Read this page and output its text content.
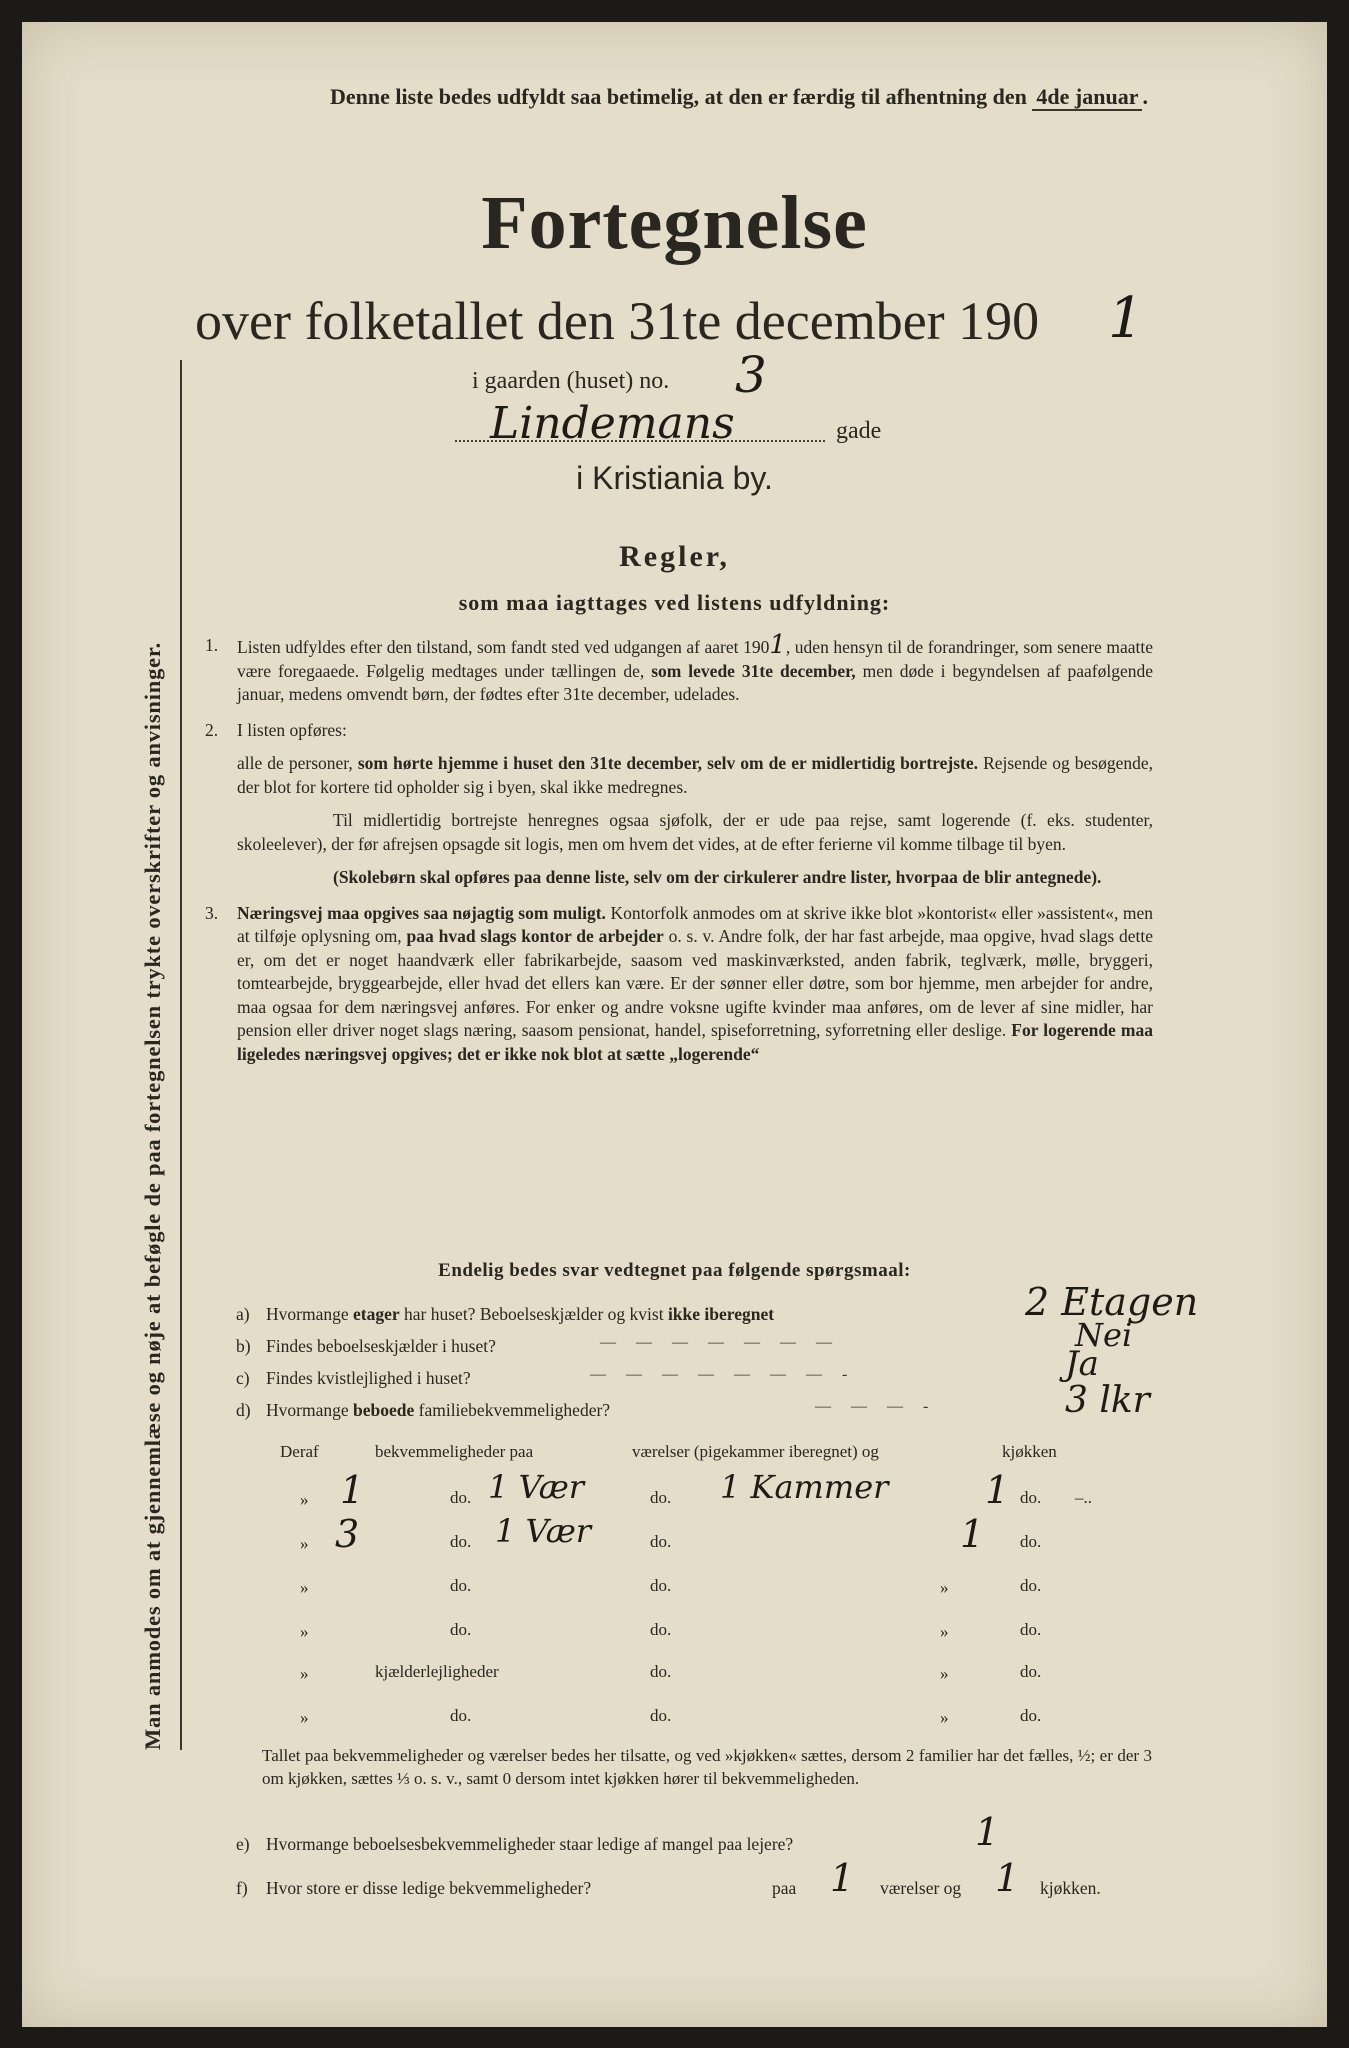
Man anmodes om at gjennemlæse og nøje at beføgle de paa fortegnelsen trykte overskrifter og anvisninger.
Denne liste bedes udfyldt saa betimelig, at den er færdig til afhentning den 4de januar .
Fortegnelse
over folketallet den 31te december 190 1
i gaarden (huset) no. 3
Lindemans	gade
i Kristiania by.
Regler,
som maa iagttages ved listens udfyldning:
1. Listen udfyldes efter den tilstand, som fandt sted ved udgangen af aaret 1901, uden hensyn til de forandringer, som senere maatte være foregaaede. Følgelig medtages under tællingen de, som levede 31te december, men døde i begyndelsen af paafølgende januar, medens omvendt børn, der fødtes efter 31te december, udelades.

2. I listen opføres:

alle de personer, som hørte hjemme i huset den 31te december, selv om de er midlertidig bortrejste. Rejsende og besøgende, der blot for kortere tid opholder sig i byen, skal ikke medregnes.

Til midlertidig bortrejste henregnes ogsaa sjøfolk, der er ude paa rejse, samt logerende (f. eks. studenter, skoleelever), der før afrejsen opsagde sit logis, men om hvem det vides, at de efter ferierne vil komme tilbage til byen.

(Skolebørn skal opføres paa denne liste, selv om der cirkulerer andre lister, hvorpaa de blir antegnede).

3. Næringsvej maa opgives saa nøjagtig som muligt. Kontorfolk anmodes om at skrive ikke blot »kontorist« eller »assistent«, men at tilføje oplysning om, paa hvad slags kontor de arbejder o. s. v. Andre folk, der har fast arbejde, maa opgive, hvad slags dette er, om det er noget haandværk eller fabrikarbejde, saasom ved maskinværksted, anden fabrik, teglværk, mølle, bryggeri, tomtearbejde, bryggearbejde, eller hvad det ellers kan være. Er der sønner eller døtre, som bor hjemme, men arbejder for andre, maa ogsaa for dem næringsvej anføres. For enker og andre voksne ugifte kvinder maa anføres, om de lever af sine midler, har pension eller driver noget slags næring, saasom pensionat, handel, spiseforretning, syforretning eller deslige. For logerende maa ligeledes næringsvej opgives; det er ikke nok blot at sætte „logerende“

Endelig bedes svar vedtegnet paa følgende spørgsmaal:
a) Hvormange etager har huset? Beboelseskjælder og kvist ikke iberegnet	2 Etagen
b) Findes beboelseskjælder i huset?	— — — — — — —	Nei
c) Findes kvistlejlighed i huset?	— — — — — — — -	Ja
d) Hvormange beboede familiebekvemmeligheder?	— — — -	3 lkr
Deraf	bekvemmeligheder paa	værelser (pigekammer iberegnet) og	kjøkken
» 1	do. 1 Vær	do. 1 Kammer	1 do. –..
» 3	do. 1 Vær	do.	1 do.
»	do.	do.	»	do.
»	do.	do.	»	do.
»	kjælderlejligheder	do.	»	do.
»	do.	do.	»	do.
Tallet paa bekvemmeligheder og værelser bedes her tilsatte, og ved »kjøkken« sættes, dersom 2 familier har det fælles, ½; er der 3 om kjøkken, sættes ⅓ o. s. v., samt 0 dersom intet kjøkken hører til bekvemmeligheden.
e) Hvormange beboelsesbekvemmeligheder staar ledige af mangel paa lejere?	1
f) Hvor store er disse ledige bekvemmeligheder?	paa 1 værelser og 1 kjøkken.
